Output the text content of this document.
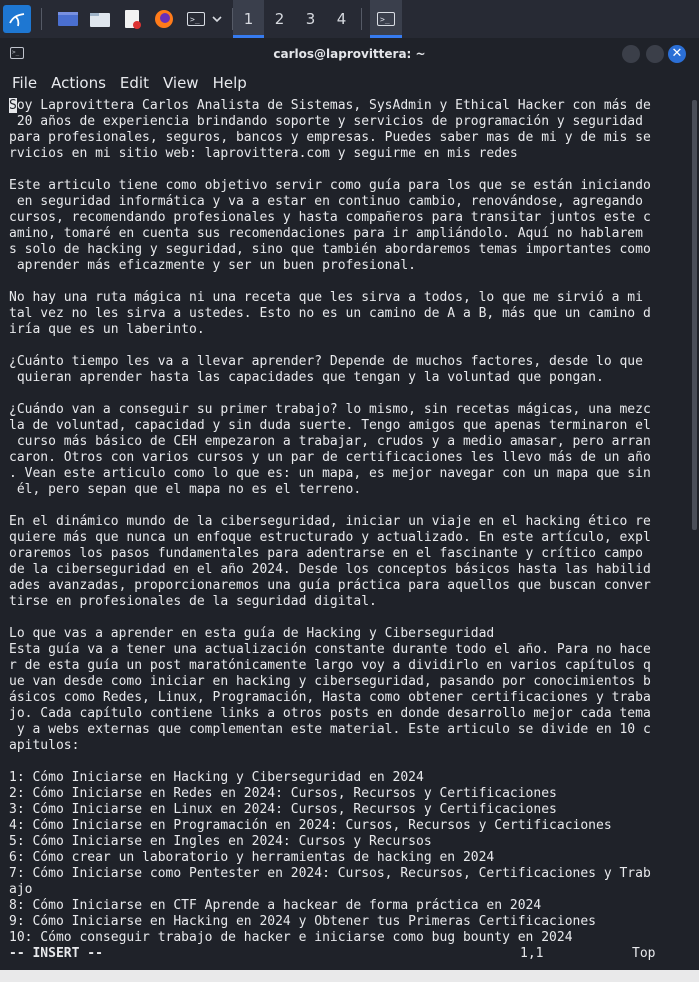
>_	1	2	3	4	>_
>_	carlos@laprovittera: ~	✕
File Actions Edit View Help
Soy Laprovittera Carlos Analista de Sistemas, SysAdmin y Ethical Hacker con más de
20 años de experiencia brindando soporte y servicios de programación y seguridad
para profesionales, seguros, bancos y empresas. Puedes saber mas de mi y de mis se
rvicios en mi sitio web: laprovittera.com y seguirme en mis redes

Este articulo tiene como objetivo servir como guía para los que se están iniciando
en seguridad informática y va a estar en continuo cambio, renovándose, agregando
cursos, recomendando profesionales y hasta compañeros para transitar juntos este c
amino, tomaré en cuenta sus recomendaciones para ir ampliándolo. Aquí no hablarem
s solo de hacking y seguridad, sino que también abordaremos temas importantes como
aprender más eficazmente y ser un buen profesional.

No hay una ruta mágica ni una receta que les sirva a todos, lo que me sirvió a mi
tal vez no les sirva a ustedes. Esto no es un camino de A a B, más que un camino d
iría que es un laberinto.

¿Cuánto tiempo les va a llevar aprender? Depende de muchos factores, desde lo que
quieran aprender hasta las capacidades que tengan y la voluntad que pongan.

¿Cuándo van a conseguir su primer trabajo? lo mismo, sin recetas mágicas, una mezc
la de voluntad, capacidad y sin duda suerte. Tengo amigos que apenas terminaron el
curso más básico de CEH empezaron a trabajar, crudos y a medio amasar, pero arran
caron. Otros con varios cursos y un par de certificaciones les llevo más de un año
. Vean este articulo como lo que es: un mapa, es mejor navegar con un mapa que sin
él, pero sepan que el mapa no es el terreno.

En el dinámico mundo de la ciberseguridad, iniciar un viaje en el hacking ético re
quiere más que nunca un enfoque estructurado y actualizado. En este artículo, expl
oraremos los pasos fundamentales para adentrarse en el fascinante y crítico campo
de la ciberseguridad en el año 2024. Desde los conceptos básicos hasta las habilid
ades avanzadas, proporcionaremos una guía práctica para aquellos que buscan conver
tirse en profesionales de la seguridad digital.

Lo que vas a aprender en esta guía de Hacking y Ciberseguridad
Esta guía va a tener una actualización constante durante todo el año. Para no hace
r de esta guía un post maratónicamente largo voy a dividirlo en varios capítulos q
ue van desde como iniciar en hacking y ciberseguridad, pasando por conocimientos b
ásicos como Redes, Linux, Programación, Hasta como obtener certificaciones y traba
jo. Cada capítulo contiene links a otros posts en donde desarrollo mejor cada tema
y a webs externas que complementan este material. Este articulo se divide en 10 c
apitulos:

1: Cómo Iniciarse en Hacking y Ciberseguridad en 2024
2: Cómo Iniciarse en Redes en 2024: Cursos, Recursos y Certificaciones
3: Cómo Iniciarse en Linux en 2024: Cursos, Recursos y Certificaciones
4: Cómo Iniciarse en Programación en 2024: Cursos, Recursos y Certificaciones
5: Cómo Iniciarse en Ingles en 2024: Cursos y Recursos
6: Cómo crear un laboratorio y herramientas de hacking en 2024
7: Cómo Iniciarse como Pentester en 2024: Cursos, Recursos, Certificaciones y Trab
ajo
8: Cómo Iniciarse en CTF Aprende a hackear de forma práctica en 2024
9: Cómo Iniciarse en Hacking en 2024 y Obtener tus Primeras Certificaciones
10: Cómo conseguir trabajo de hacker e iniciarse como bug bounty en 2024
-- INSERT --	1,1	Top
